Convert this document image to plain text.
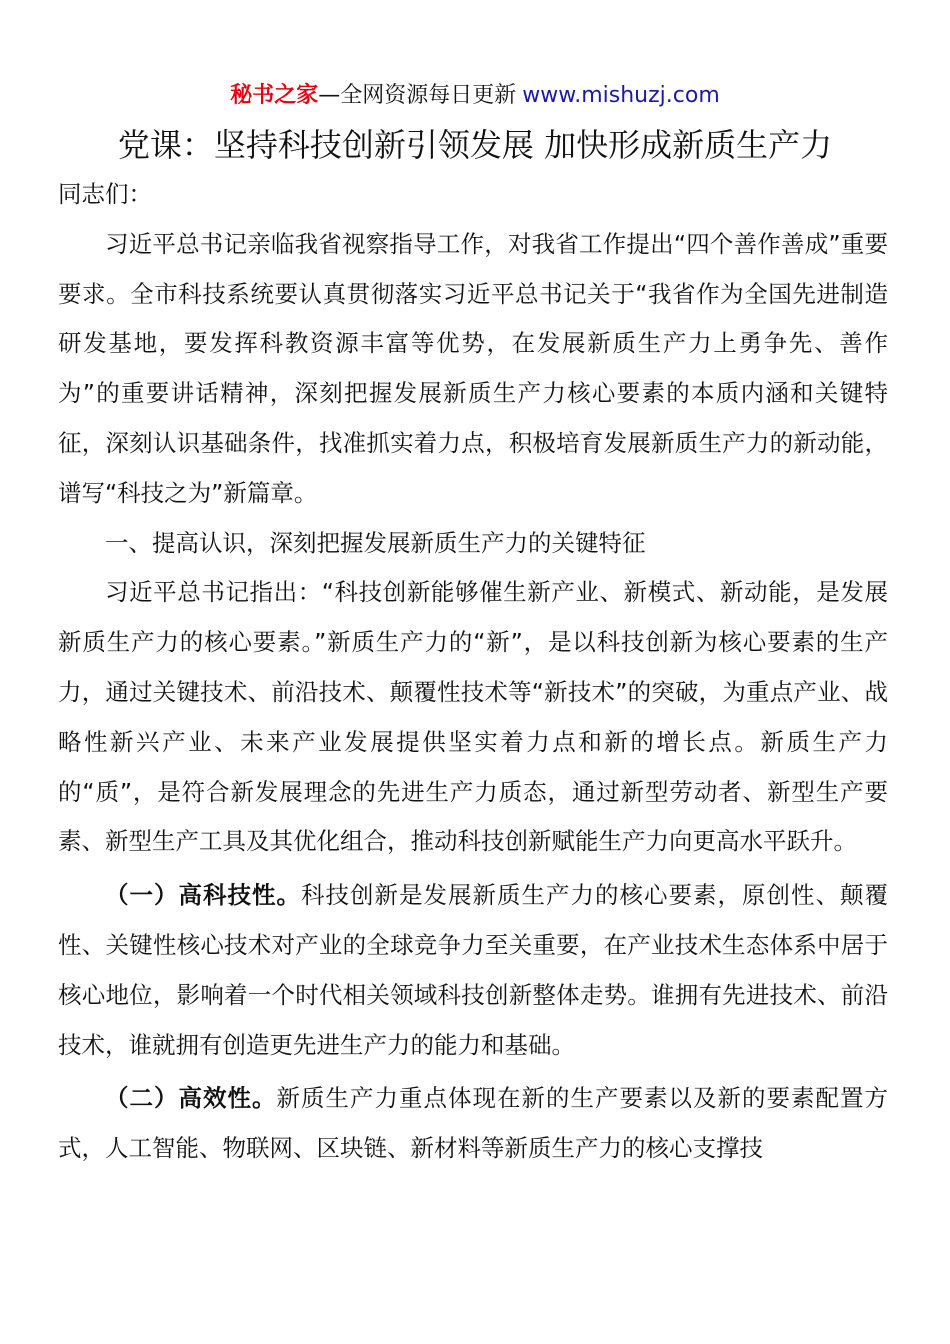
秘书之家—全网资源每日更新 www.mishuzj.com
党课：坚持科技创新引领发展 加快形成新质生产力

同志们：

习近平总书记亲临我省视察指导工作，对我省工作提出“四个善作善成”重要要求。全市科技系统要认真贯彻落实习近平总书记关于“我省作为全国先进制造研发基地，要发挥科教资源丰富等优势，在发展新质生产力上勇争先、善作为”的重要讲话精神，深刻把握发展新质生产力核心要素的本质内涵和关键特征，深刻认识基础条件，找准抓实着力点，积极培育发展新质生产力的新动能，谱写“科技之为”新篇章。

一、提高认识，深刻把握发展新质生产力的关键特征

习近平总书记指出：“科技创新能够催生新产业、新模式、新动能，是发展新质生产力的核心要素。”新质生产力的“新”，是以科技创新为核心要素的生产力，通过关键技术、前沿技术、颠覆性技术等“新技术”的突破，为重点产业、战略性新兴产业、未来产业发展提供坚实着力点和新的增长点。新质生产力的“质”，是符合新发展理念的先进生产力质态，通过新型劳动者、新型生产要素、新型生产工具及其优化组合，推动科技创新赋能生产力向更高水平跃升。

（一）高科技性。科技创新是发展新质生产力的核心要素，原创性、颠覆性、关键性核心技术对产业的全球竞争力至关重要，在产业技术生态体系中居于核心地位，影响着一个时代相关领域科技创新整体走势。谁拥有先进技术、前沿技术，谁就拥有创造更先进生产力的能力和基础。

（二）高效性。新质生产力重点体现在新的生产要素以及新的要素配置方式，人工智能、物联网、区块链、新材料等新质生产力的核心支撑技
